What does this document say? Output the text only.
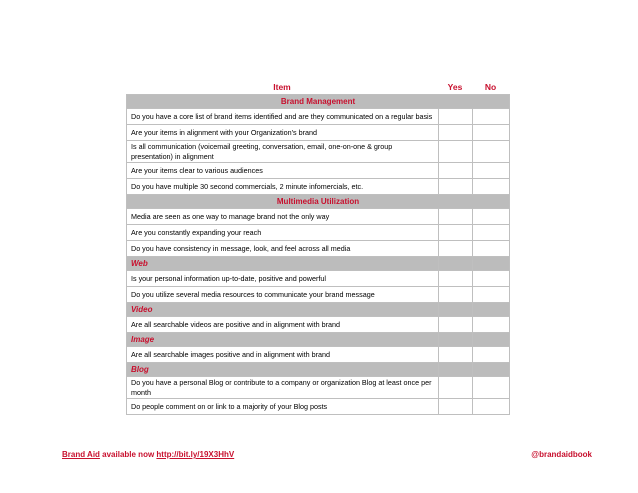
Item	Yes	No
Brand Management		
Do you have a core list of brand items identified and are they communicated on a regular basis		
Are your items in alignment with your Organization’s brand		
Is all communication (voicemail greeting, conversation, email, one-on-one & group presentation) in alignment		
Are your items clear to various audiences		
Do you have multiple 30 second commercials, 2 minute infomercials, etc.		
Multimedia Utilization		
Media are seen as one way to manage brand not the only way		
Are you constantly expanding your reach		
Do you have consistency in message, look, and feel across all media		
Web		
Is your personal information up-to-date, positive and powerful		
Do you utilize several media resources to communicate your brand message		
Video		
Are all searchable videos are positive and in alignment with brand		
Image		
Are all searchable images positive and in alignment with brand		
Blog		
Do you have a personal Blog or contribute to a company or organization Blog at least once per month		
Do people comment on or link to a majority of your Blog posts		
Brand Aid available now http://bit.ly/19X3HhV	@brandaidbook
